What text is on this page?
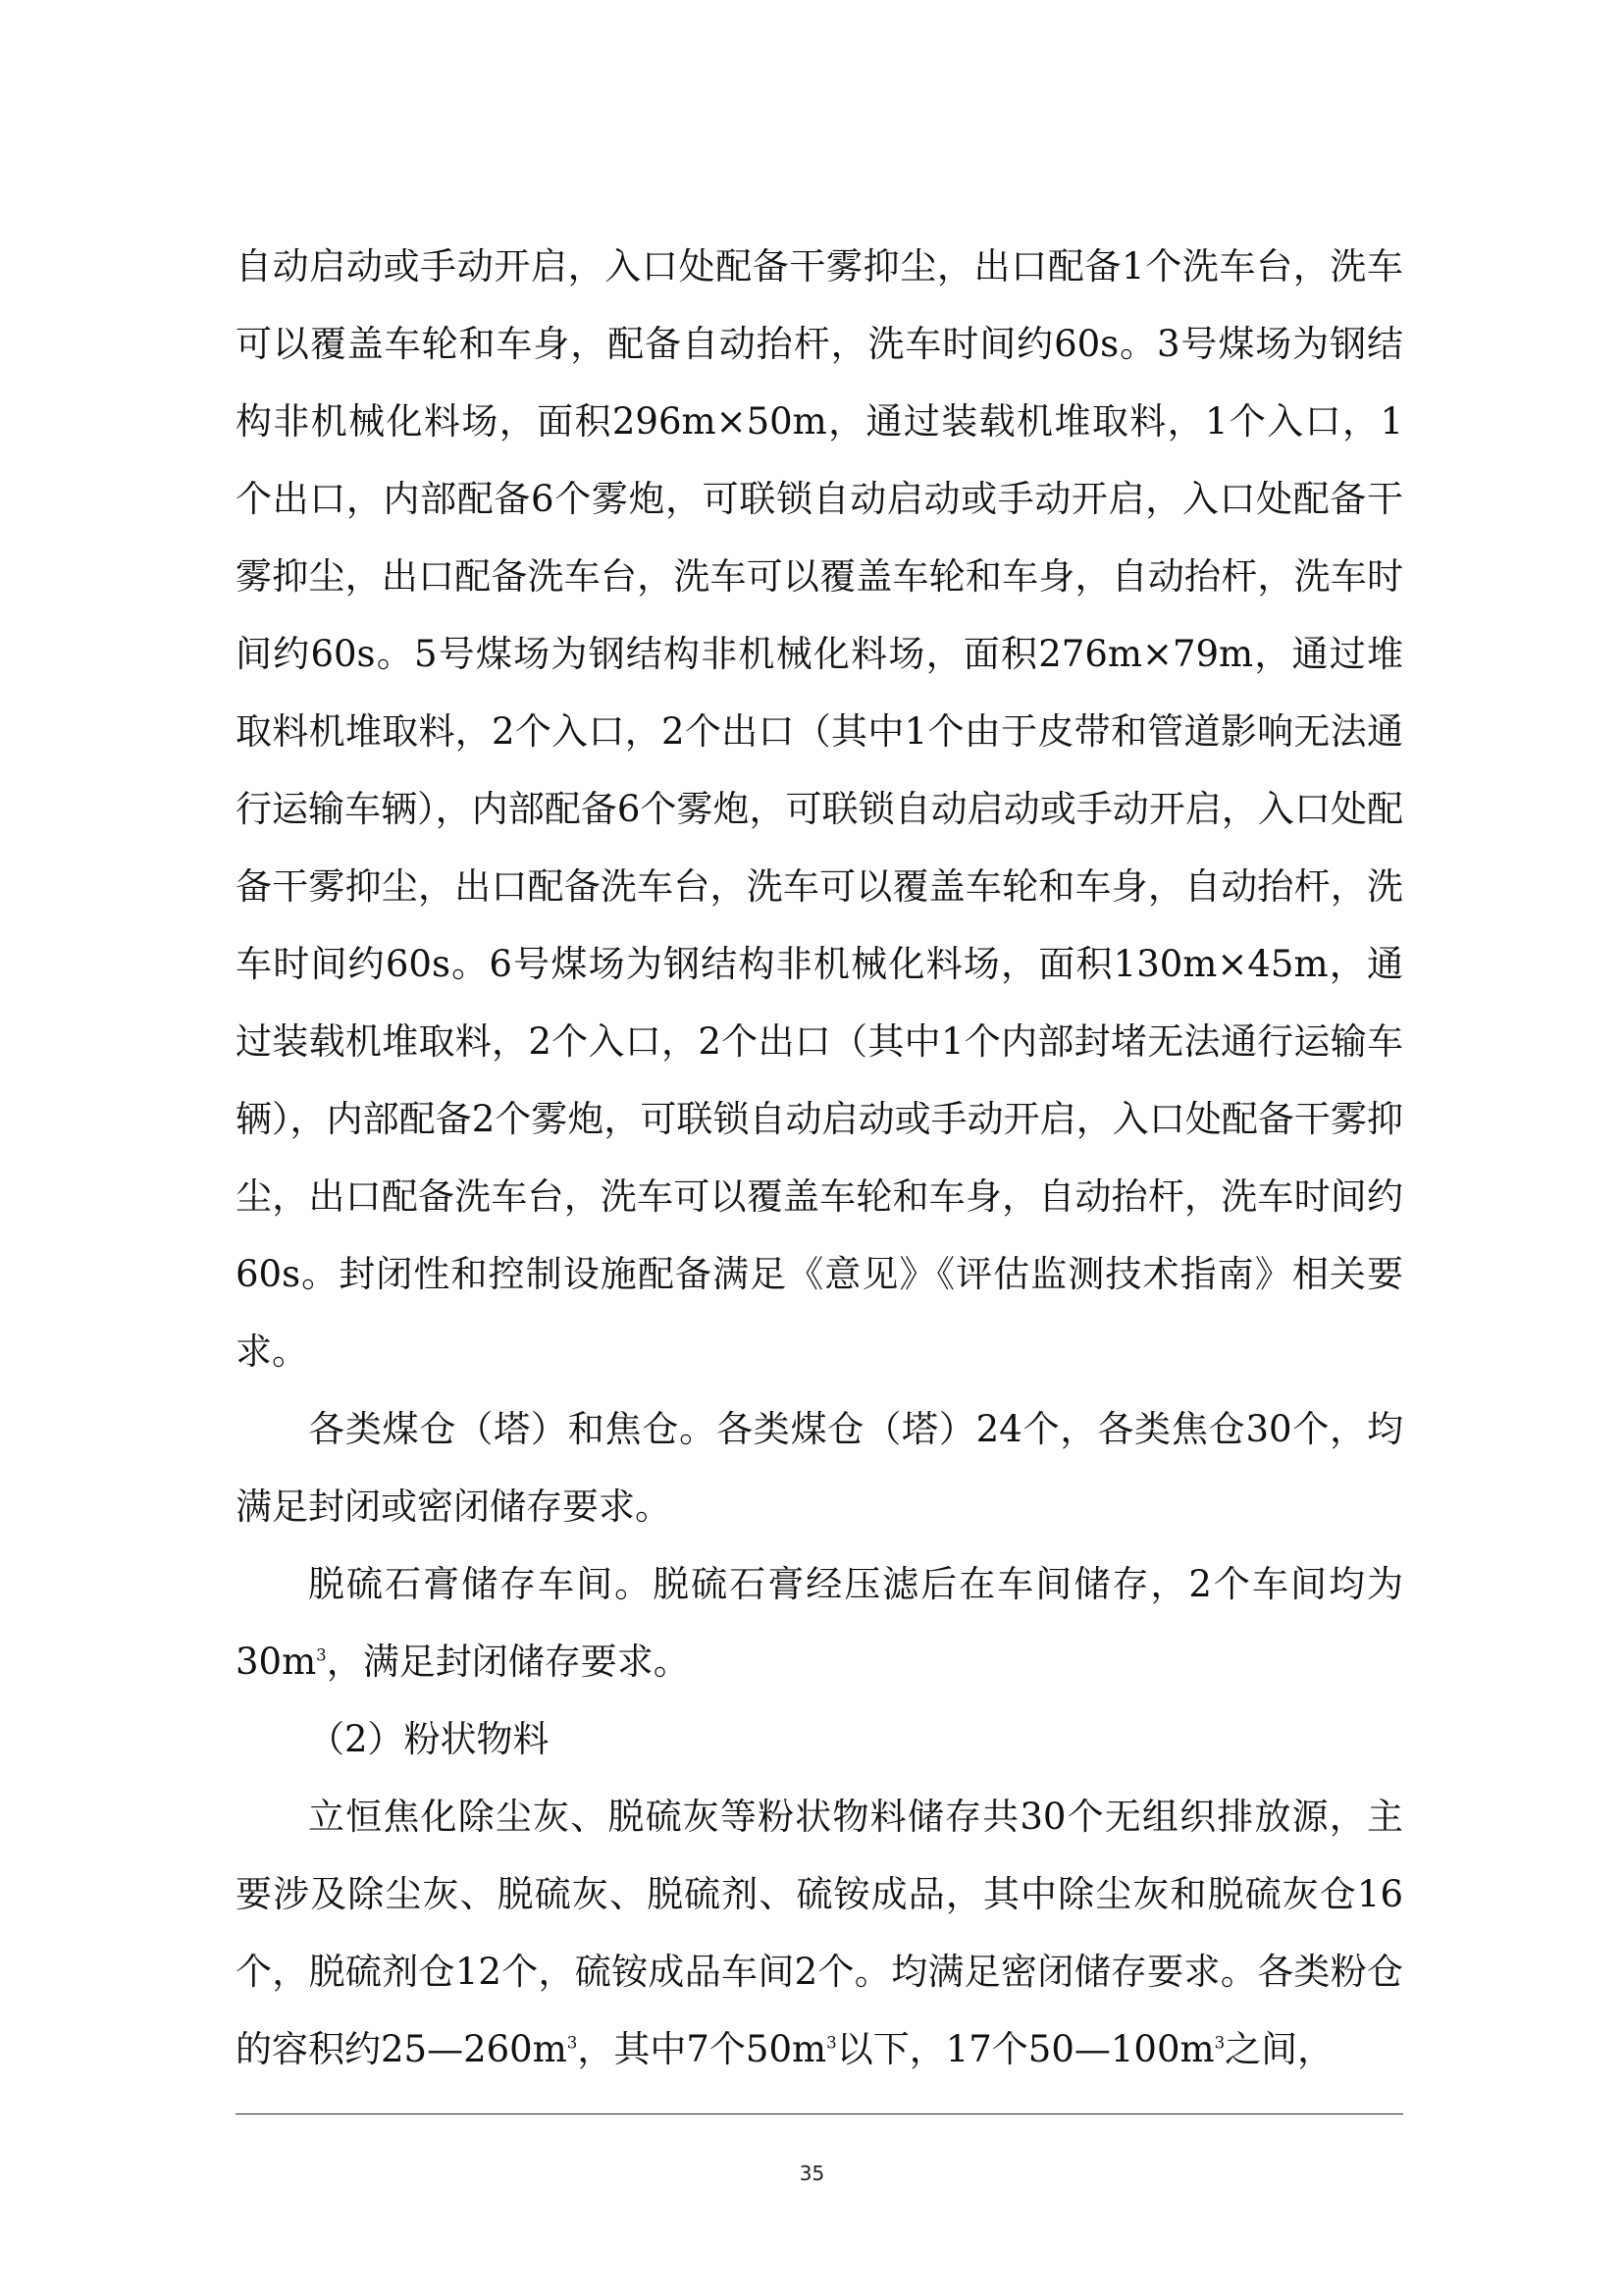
自动启动或手动开启，入口处配备干雾抑尘，出口配备1个洗车台，洗车可以覆盖车轮和车身，配备自动抬杆，洗车时间约60s。3号煤场为钢结构非机械化料场，面积296m×50m，通过装载机堆取料，1个入口，1个出口，内部配备6个雾炮，可联锁自动启动或手动开启，入口处配备干雾抑尘，出口配备洗车台，洗车可以覆盖车轮和车身，自动抬杆，洗车时间约60s。5号煤场为钢结构非机械化料场，面积276m×79m，通过堆取料机堆取料，2个入口，2个出口（其中1个由于皮带和管道影响无法通行运输车辆），内部配备6个雾炮，可联锁自动启动或手动开启，入口处配备干雾抑尘，出口配备洗车台，洗车可以覆盖车轮和车身，自动抬杆，洗车时间约60s。6号煤场为钢结构非机械化料场，面积130m×45m，通过装载机堆取料，2个入口，2个出口（其中1个内部封堵无法通行运输车辆），内部配备2个雾炮，可联锁自动启动或手动开启，入口处配备干雾抑尘，出口配备洗车台，洗车可以覆盖车轮和车身，自动抬杆，洗车时间约60s。封闭性和控制设施配备满足《意见》《评估监测技术指南》相关要求。

各类煤仓（塔）和焦仓。各类煤仓（塔）24个，各类焦仓30个，均满足封闭或密闭储存要求。

脱硫石膏储存车间。脱硫石膏经压滤后在车间储存，2个车间均为$30m^3$，满足封闭储存要求。

（2）粉状物料

立恒焦化除尘灰、脱硫灰等粉状物料储存共30个无组织排放源，主要涉及除尘灰、脱硫灰、脱硫剂、硫铵成品，其中除尘灰和脱硫灰仓16个，脱硫剂仓12个，硫铵成品车间2个。均满足密闭储存要求。各类粉仓的容积约$25—260m^3$，其中7个$50m^3$以下，17个$50—100m^3$之间，

35
